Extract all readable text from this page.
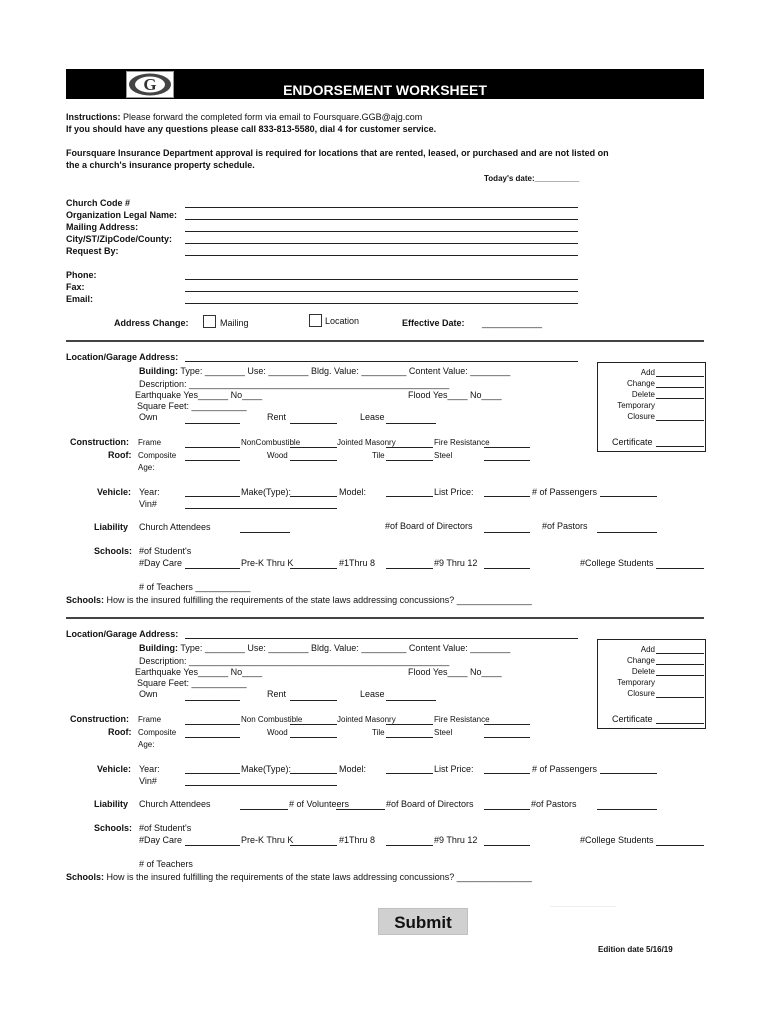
ENDORSEMENT WORKSHEET
G
Instructions: Please forward the completed form via email to Foursquare.GGB@ajg.com
If you should have any questions please call 833-813-5580, dial 4 for customer service.
Foursquare Insurance Department approval is required for locations that are rented, leased, or purchased and are not listed on
the a church's insurance property schedule.
Today's date:__________
Church Code #
Organization Legal Name:
Mailing Address:
City/ST/ZipCode/County:
Request By:
Phone:
Fax:
Email:
Address Change:	Mailing	Location	Effective Date: ____________
Location/Garage Address:
Building: Type: ________ Use: ________ Bldg. Value: _________ Content Value: ________
Description: ____________________________________________________
Earthquake Yes______ No____	Flood Yes____ No____
Square Feet: ___________
Own	Rent	Lease
Add
Change
Delete
Temporary
Closure
Certificate
Construction:
Roof:
Frame	NonCombustible	Jointed Masonry	Fire Resistance
Composite	Wood	Tile	Steel
Age:
Vehicle: Year:	Make(Type):	Model:	List Price:	# of Passengers
Vin#
Liability Church Attendees	#of Board of Directors	#of Pastors
Schools: #of Student's
#Day Care	Pre-K Thru K	#1Thru 8	#9 Thru 12	#College Students
# of Teachers ___________
Schools: How is the insured fulfilling the requirements of the state laws addressing concussions? _______________
Location/Garage Address:
Building: Type: ________ Use: ________ Bldg. Value: _________ Content Value: ________
Description: ____________________________________________________
Earthquake Yes______ No____	Flood Yes____ No____
Square Feet: ___________
Own	Rent	Lease
Add
Change
Delete
Temporary
Closure
Certificate
Construction:
Roof:
Frame	Non Combustible	Jointed Masonry	Fire Resistance
Composite	Wood	Tile	Steel
Age:
Vehicle: Year:	Make(Type):	Model:	List Price:	# of Passengers
Vin#
Liability Church Attendees	# of Volunteers	#of Board of Directors	#of Pastors
Schools: #of Student's
#Day Care	Pre-K Thru K	#1Thru 8	#9 Thru 12	#College Students
# of Teachers
Schools: How is the insured fulfilling the requirements of the state laws addressing concussions? _______________
Submit
Edition date 5/16/19
